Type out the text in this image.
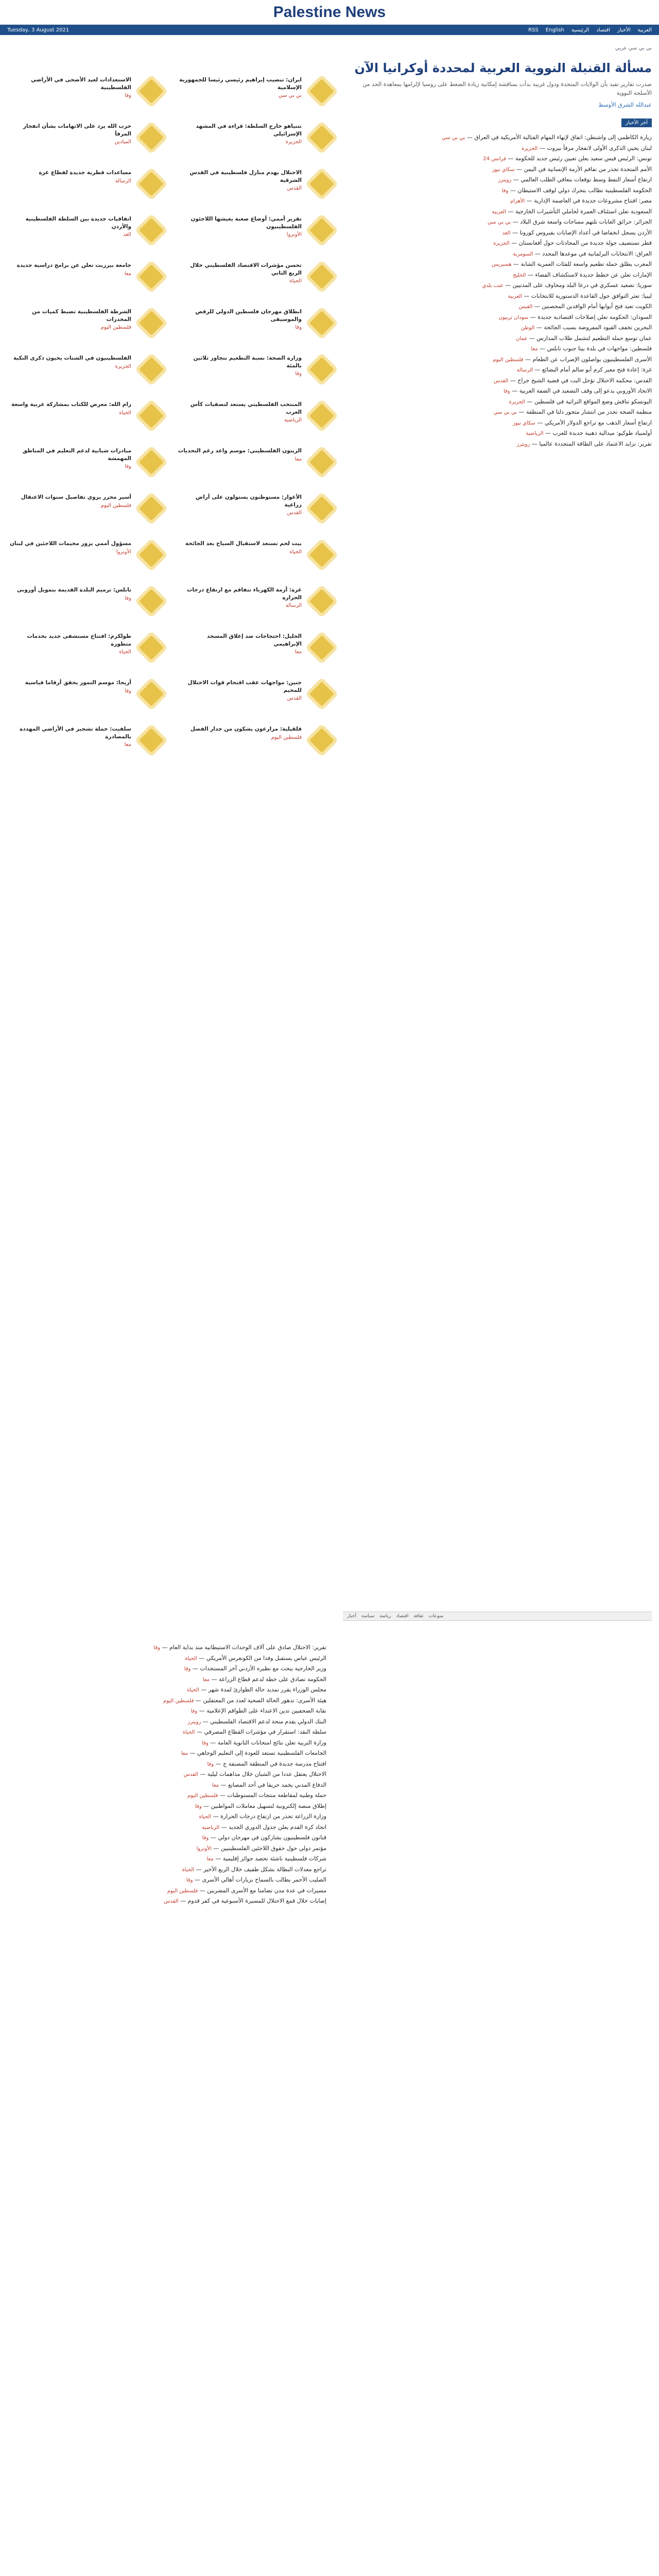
Palestine News
Tuesday, 3 August 2021	RSS English الرئيسية اقتصاد الأخبار العربية
بي بي سي عربي
مسألة القنبلة النووية العربية لمحددة أوكرانيا الآن

صدرت تقارير تفيد بأن الولايات المتحدة ودول غربية بدأت بمناقشة إمكانية زيادة الضغط على روسيا لإلزامها بمعاهدة الحد من الأسلحة النووية

عبدالله الشرق الأوسط
آخر الأخبار
زيارة الكاظمي إلى واشنطن: اتفاق لإنهاء المهام القتالية الأمريكية في العراق — بي بي سي
لبنان يحيي الذكرى الأولى لانفجار مرفأ بيروت — الجزيرة
تونس: الرئيس قيس سعيد يعلن تعيين رئيس جديد للحكومة — فرانس 24
الأمم المتحدة تحذر من تفاقم الأزمة الإنسانية في اليمن — سكاي نيوز
ارتفاع أسعار النفط وسط توقعات بتعافي الطلب العالمي — رويترز
الحكومة الفلسطينية تطالب بتحرك دولي لوقف الاستيطان — وفا
مصر: افتتاح مشروعات جديدة في العاصمة الإدارية — الأهرام
السعودية تعلن استئناف العمرة لحاملي التأشيرات الخارجية — العربية
الجزائر: حرائق الغابات تلتهم مساحات واسعة شرق البلاد — بي بي سي
الأردن يسجل انخفاضا في أعداد الإصابات بفيروس كورونا — الغد
قطر تستضيف جولة جديدة من المحادثات حول أفغانستان — الجزيرة
العراق: الانتخابات البرلمانية في موعدها المحدد — السومرية
المغرب يطلق حملة تطعيم واسعة للفئات العمرية الشابة — هسبريس
الإمارات تعلن عن خطط جديدة لاستكشاف الفضاء — الخليج
سوريا: تصعيد عسكري في درعا البلد ومخاوف على المدنيين — عنب بلدي
ليبيا: تعثر التوافق حول القاعدة الدستورية للانتخابات — العربية
الكويت تعيد فتح أبوابها أمام الوافدين المحصنين — القبس
السودان: الحكومة تعلن إصلاحات اقتصادية جديدة — سودان تربيون
البحرين تخفف القيود المفروضة بسبب الجائحة — الوطن
عمان توسع حملة التطعيم لتشمل طلاب المدارس — عمان
فلسطين: مواجهات في بلدة بيتا جنوب نابلس — معا
الأسرى الفلسطينيون يواصلون الإضراب عن الطعام — فلسطين اليوم
غزة: إعادة فتح معبر كرم أبو سالم أمام البضائع — الرسالة
القدس: محكمة الاحتلال تؤجل البت في قضية الشيخ جراح — القدس
الاتحاد الأوروبي يدعو إلى وقف التصعيد في الضفة الغربية — وفا
اليونسكو تناقش وضع المواقع التراثية في فلسطين — الجزيرة
منظمة الصحة تحذر من انتشار متحور دلتا في المنطقة — بي بي سي
ارتفاع أسعار الذهب مع تراجع الدولار الأمريكي — سكاي نيوز
أولمبياد طوكيو: ميدالية ذهبية جديدة للعرب — الرياضية
تقرير: تزايد الاعتماد على الطاقة المتجددة عالميا — رويترز
ايران: تنصيب إبراهيم رئيسي رئيسا للجمهورية الإسلامية
بي بي سي
الاستعدادات لعيد الأضحى في الأراضي الفلسطينية
وفا
نتنياهو خارج السلطة: قراءة في المشهد الإسرائيلي
الجزيرة
حزب الله يرد على الاتهامات بشأن انفجار المرفأ
الميادين
الاحتلال يهدم منازل فلسطينية في القدس الشرقية
القدس
مساعدات قطرية جديدة لقطاع غزة
الرسالة
تقرير أممي: أوضاع صعبة يعيشها اللاجئون الفلسطينيون
الأونروا
اتفاقيات جديدة بين السلطة الفلسطينية والأردن
الغد
تحسن مؤشرات الاقتصاد الفلسطيني خلال الربع الثاني
الحياة
جامعة بيرزيت تعلن عن برامج دراسية جديدة
معا
انطلاق مهرجان فلسطين الدولي للرقص والموسيقى
وفا
الشرطة الفلسطينية تضبط كميات من المخدرات
فلسطين اليوم
وزارة الصحة: نسبة التطعيم تتجاوز ثلاثين بالمئة
وفا
الفلسطينيون في الشتات يحيون ذكرى النكبة
الجزيرة
المنتخب الفلسطيني يستعد لتصفيات كأس العرب
الرياضية
رام الله: معرض للكتاب بمشاركة عربية واسعة
الحياة
الزيتون الفلسطيني: موسم واعد رغم التحديات
معا
مبادرات شبابية لدعم التعليم في المناطق المهمشة
وفا
الأغوار: مستوطنون يستولون على أراض زراعية
القدس
أسير محرر يروي تفاصيل سنوات الاعتقال
فلسطين اليوم
بيت لحم تستعد لاستقبال السياح بعد الجائحة
الحياة
مسؤول أممي يزور مخيمات اللاجئين في لبنان
الأونروا
غزة: أزمة الكهرباء تتفاقم مع ارتفاع درجات الحرارة
الرسالة
نابلس: ترميم البلدة القديمة بتمويل أوروبي
وفا
الخليل: احتجاجات ضد إغلاق المسجد الإبراهيمي
معا
طولكرم: افتتاح مستشفى جديد بخدمات متطورة
الحياة
جنين: مواجهات عقب اقتحام قوات الاحتلال للمخيم
القدس
أريحا: موسم التمور يحقق أرقاما قياسية
وفا
قلقيلية: مزارعون يشكون من جدار الفصل
فلسطين اليوم
سلفيت: حملة تشجير في الأراضي المهددة بالمصادرة
معا
أخبار سياسة رياضة اقتصاد ثقافة منوعات
تقرير: الاحتلال صادق على آلاف الوحدات الاستيطانية منذ بداية العام — وفا
الرئيس عباس يستقبل وفدا من الكونغرس الأمريكي — الحياة
وزير الخارجية يبحث مع نظيره الأردني آخر المستجدات — وفا
الحكومة تصادق على خطة لدعم قطاع الزراعة — معا
مجلس الوزراء يقرر تمديد حالة الطوارئ لمدة شهر — الحياة
هيئة الأسرى: تدهور الحالة الصحية لعدد من المعتقلين — فلسطين اليوم
نقابة الصحفيين تدين الاعتداء على الطواقم الإعلامية — وفا
البنك الدولي يقدم منحة لدعم الاقتصاد الفلسطيني — رويترز
سلطة النقد: استقرار في مؤشرات القطاع المصرفي — الحياة
وزارة التربية تعلن نتائج امتحانات الثانوية العامة — وفا
الجامعات الفلسطينية تستعد للعودة إلى التعليم الوجاهي — معا
افتتاح مدرسة جديدة في المنطقة المصنفة ج — وفا
الاحتلال يعتقل عددا من الشبان خلال مداهمات ليلية — القدس
الدفاع المدني يخمد حريقا في أحد المصانع — معا
حملة وطنية لمقاطعة منتجات المستوطنات — فلسطين اليوم
إطلاق منصة إلكترونية لتسهيل معاملات المواطنين — وفا
وزارة الزراعة تحذر من ارتفاع درجات الحرارة — الحياة
اتحاد كرة القدم يعلن جدول الدوري الجديد — الرياضية
فنانون فلسطينيون يشاركون في مهرجان دولي — وفا
مؤتمر دولي حول حقوق اللاجئين الفلسطينيين — الأونروا
شركات فلسطينية ناشئة تحصد جوائز إقليمية — معا
تراجع معدلات البطالة بشكل طفيف خلال الربع الأخير — الحياة
الصليب الأحمر يطالب بالسماح بزيارات أهالي الأسرى — وفا
مسيرات في عدة مدن تضامنا مع الأسرى المضربين — فلسطين اليوم
إصابات خلال قمع الاحتلال للمسيرة الأسبوعية في كفر قدوم — القدس
